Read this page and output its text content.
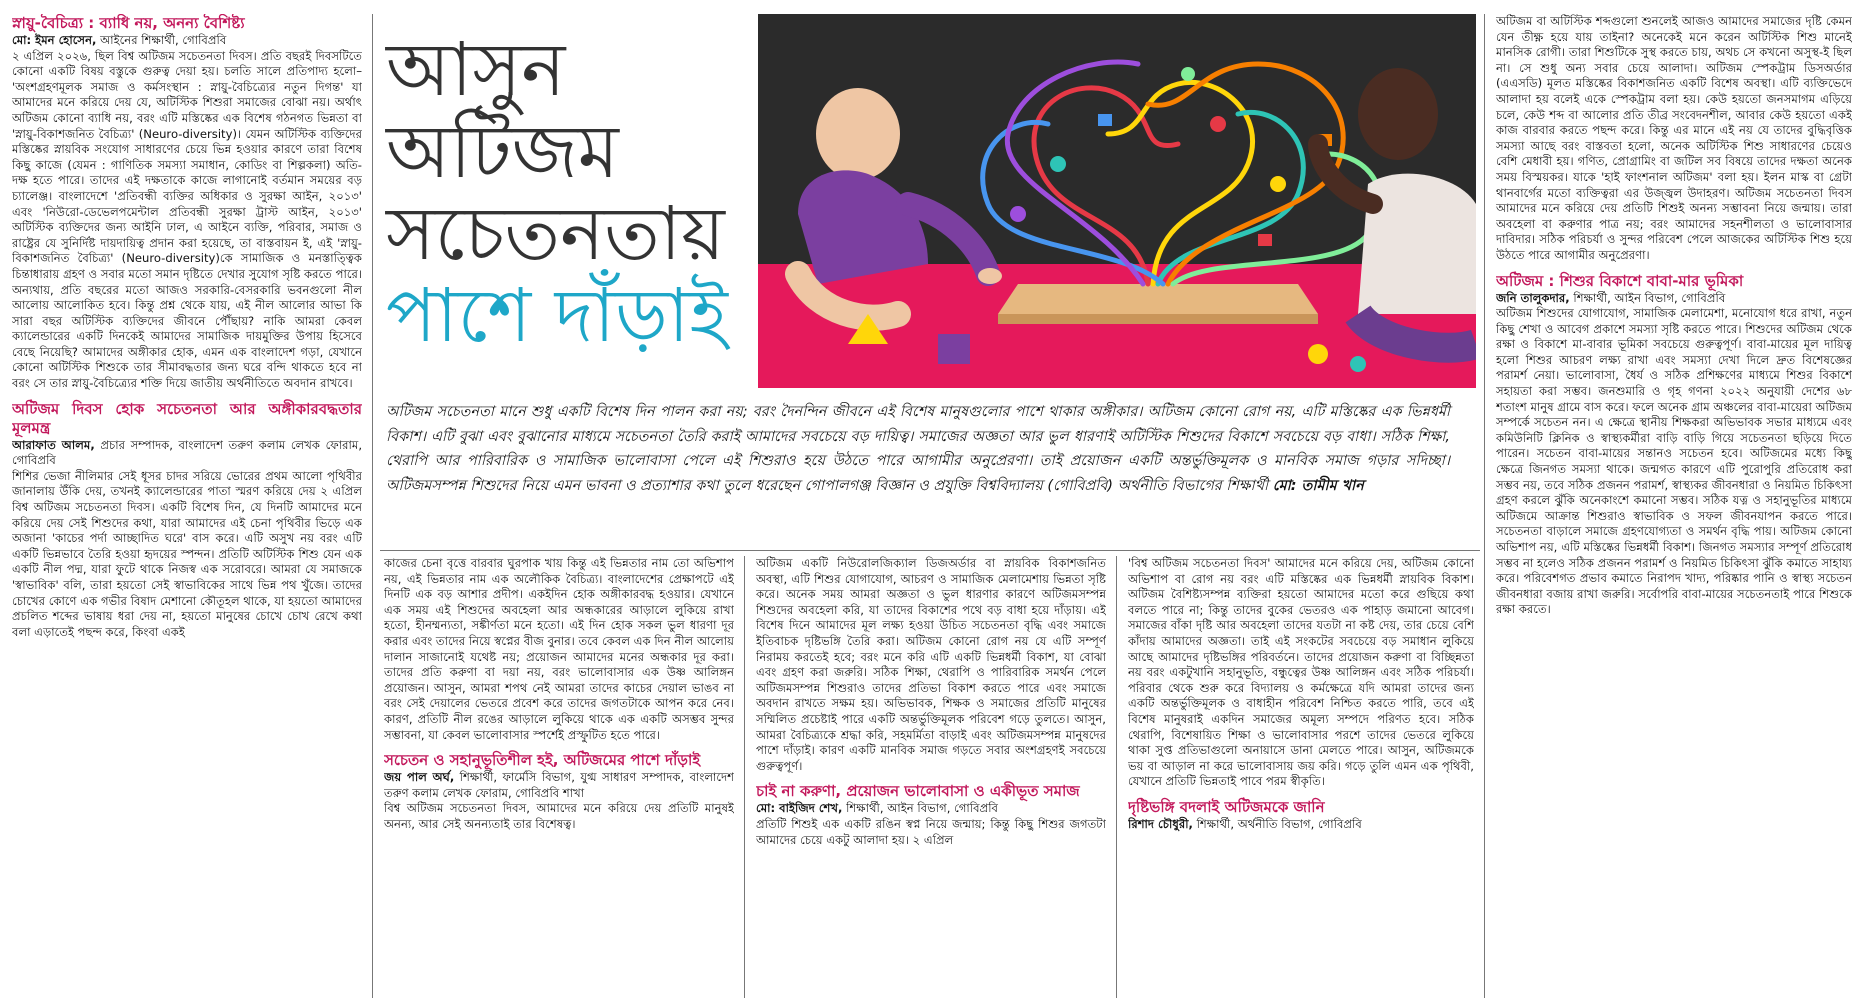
স্নায়ু-বৈচিত্র্য : ব্যাধি নয়, অনন্য বৈশিষ্ট্য

মো: ইমন হোসেন, আইনের শিক্ষার্থী, গোবিপ্রবি

২ এপ্রিল ২০২৬, ছিল বিশ্ব অটিজম সচেতনতা দিবস। প্রতি বছরই দিবসটিতে কোনো একটি বিষয় বস্তুকে গুরুত্ব দেয়া হয়। চলতি সালে প্রতিপাদ্য হলো– 'অংশগ্রহণমূলক সমাজ ও কর্মসংস্থান : স্নায়ু-বৈচিত্র্যের নতুন দিগন্ত' যা আমাদের মনে করিয়ে দেয় যে, অটিস্টিক শিশুরা সমাজের বোঝা নয়। অর্থাৎ অটিজম কোনো ব্যাধি নয়, বরং এটি মস্তিষ্কের এক বিশেষ গঠনগত ভিন্নতা বা 'স্নায়ু-বিকাশজনিত বৈচিত্র্য' (Neuro-diversity)। যেমন অটিস্টিক ব্যক্তিদের মস্তিষ্কের স্নায়বিক সংযোগ সাধারণের চেয়ে ভিন্ন হওয়ার কারণে তারা বিশেষ কিছু কাজে (যেমন : গাণিতিক সমস্যা সমাধান, কোডিং বা শিল্পকলা) অতি-দক্ষ হতে পারে। তাদের এই দক্ষতাকে কাজে লাগানোই বর্তমান সময়ের বড় চ্যালেঞ্জ। বাংলাদেশে 'প্রতিবন্ধী ব্যক্তির অধিকার ও সুরক্ষা আইন, ২০১৩' এবং 'নিউরো-ডেভেলপমেন্টাল প্রতিবন্ধী সুরক্ষা ট্রাস্ট আইন, ২০১৩' অটিস্টিক ব্যক্তিদের জন্য আইনি ঢাল, এ আইনে ব্যক্তি, পরিবার, সমাজ ও রাষ্ট্রের যে সুনির্দিষ্ট দায়দায়িত্ব প্রদান করা হয়েছে, তা বাস্তবায়ন ই, এই 'স্নায়ু-বিকাশজনিত বৈচিত্র্য' (Neuro-diversity)কে সামাজিক ও মনস্তাত্ত্বিক চিন্তাধারায় গ্রহণ ও সবার মতো সমান দৃষ্টিতে দেখার সুযোগ সৃষ্টি করতে পারে। অন্যথায়, প্রতি বছরের মতো আজও সরকারি-বেসরকারি ভবনগুলো নীল আলোয় আলোকিত হবে। কিন্তু প্রশ্ন থেকে যায়, এই নীল আলোর আভা কি সারা বছর অটিস্টিক ব্যক্তিদের জীবনে পৌঁছায়? নাকি আমরা কেবল ক্যালেন্ডারের একটি দিনকেই আমাদের সামাজিক দায়মুক্তির উপায় হিসেবে বেছে নিয়েছি? আমাদের অঙ্গীকার হোক, এমন এক বাংলাদেশ গড়া, যেখানে কোনো অটিস্টিক শিশুকে তার সীমাবদ্ধতার জন্য ঘরে বন্দি থাকতে হবে না বরং সে তার স্নায়ু-বৈচিত্র্যের শক্তি দিয়ে জাতীয় অর্থনীতিতে অবদান রাখবে।

অটিজম দিবস হোক সচেতনতা আর অঙ্গীকারবদ্ধতার মূলমন্ত্র

আরাফাত আলম, প্রচার সম্পাদক, বাংলাদেশ তরুণ কলাম লেখক ফোরাম, গোবিপ্রবি

শিশির ভেজা নীলিমার সেই ধূসর চাদর সরিয়ে ভোরের প্রথম আলো পৃথিবীর জানালায় উঁকি দেয়, তখনই ক্যালেন্ডারের পাতা স্মরণ করিয়ে দেয় ২ এপ্রিল বিশ্ব অটিজম সচেতনতা দিবস। একটি বিশেষ দিন, যে দিনটি আমাদের মনে করিয়ে দেয় সেই শিশুদের কথা, যারা আমাদের এই চেনা পৃথিবীর ভিড়ে এক অজানা 'কাচের পর্দা আচ্ছাদিত ঘরে' বাস করে। এটি অসুখ নয় বরং এটি একটি ভিন্নভাবে তৈরি হওয়া হৃদয়ের স্পন্দন। প্রতিটি অটিস্টিক শিশু যেন এক একটি নীল পদ্ম, যারা ফুটে থাকে নিজস্ব এক সরোবরে। আমরা যে সমাজকে 'স্বাভাবিক' বলি, তারা হয়তো সেই স্বাভাবিকের সাথে ভিন্ন পথ খুঁজে। তাদের চোখের কোণে এক গভীর বিষাদ মেশানো কৌতূহল থাকে, যা হয়তো আমাদের প্রচলিত শব্দের ভাষায় ধরা দেয় না, হয়তো মানুষের চোখে চোখ রেখে কথা বলা এড়াতেই পছন্দ করে, কিংবা একই

আসুন
অটিজম
সচেতনতায়
পাশে দাঁড়াই
অটিজম সচেতনতা মানে শুধু একটি বিশেষ দিন পালন করা নয়; বরং দৈনন্দিন জীবনে এই বিশেষ মানুষগুলোর পাশে থাকার অঙ্গীকার। অটিজম কোনো রোগ নয়, এটি মস্তিষ্কের এক ভিন্নধর্মী বিকাশ। এটি বুঝা এবং বুঝানোর মাধ্যমে সচেতনতা তৈরি করাই আমাদের সবচেয়ে বড় দায়িত্ব। সমাজের অজ্ঞতা আর ভুল ধারণাই অটিস্টিক শিশুদের বিকাশে সবচেয়ে বড় বাধা। সঠিক শিক্ষা, থেরাপি আর পারিবারিক ও সামাজিক ভালোবাসা পেলে এই শিশুরাও হয়ে উঠতে পারে আগামীর অনুপ্রেরণা। তাই প্রয়োজন একটি অন্তর্ভুক্তিমূলক ও মানবিক সমাজ গড়ার সদিচ্ছা। অটিজমসম্পন্ন শিশুদের নিয়ে এমন ভাবনা ও প্রত্যাশার কথা তুলে ধরেছেন গোপালগঞ্জ বিজ্ঞান ও প্রযুক্তি বিশ্ববিদ্যালয় (গোবিপ্রবি) অর্থনীতি বিভাগের শিক্ষার্থী মো: তামীম খান

কাজের চেনা বৃত্তে বারবার ঘুরপাক খায় কিন্তু এই ভিন্নতার নাম তো অভিশাপ নয়, এই ভিন্নতার নাম এক অলৌকিক বৈচিত্র্য। বাংলাদেশের প্রেক্ষাপটে এই দিনটি এক বড় আশার প্রদীপ। একইদিন হোক অঙ্গীকারবদ্ধ হওয়ার। যেখানে এক সময় এই শিশুদের অবহেলা আর অন্ধকারের আড়ালে লুকিয়ে রাখা হতো, হীনম্মন্যতা, সঙ্কীর্ণতা মনে হতো। এই দিন হোক সকল ভুল ধারণা দূর করার এবং তাদের নিয়ে স্বপ্নের বীজ বুনার। তবে কেবল এক দিন নীল আলোয় দালান সাজানোই যথেষ্ট নয়; প্রয়োজন আমাদের মনের অন্ধকার দূর করা। তাদের প্রতি করুণা বা দয়া নয়, বরং ভালোবাসার এক উষ্ণ আলিঙ্গন প্রয়োজন। আসুন, আমরা শপথ নেই আমরা তাদের কাচের দেয়াল ভাঙব না বরং সেই দেয়ালের ভেতরে প্রবেশ করে তাদের জগতটাকে আপন করে নেব। কারণ, প্রতিটি নীল রঙের আড়ালে লুকিয়ে থাকে এক একটি অসম্ভব সুন্দর সম্ভাবনা, যা কেবল ভালোবাসার স্পর্শেই প্রস্ফুটিত হতে পারে।

সচেতন ও সহানুভূতিশীল হই, অটিজমের পাশে দাঁড়াই

জয় পাল অর্ঘ, শিক্ষার্থী, ফার্মেসি বিভাগ, যুগ্ম সাধারণ সম্পাদক, বাংলাদেশ তরুণ কলাম লেখক ফোরাম, গোবিপ্রবি শাখা

বিশ্ব অটিজম সচেতনতা দিবস, আমাদের মনে করিয়ে দেয় প্রতিটি মানুষই অনন্য, আর সেই অনন্যতাই তার বিশেষত্ব।

অটিজম একটি নিউরোলজিক্যাল ডিজঅর্ডার বা স্নায়বিক বিকাশজনিত অবস্থা, এটি শিশুর যোগাযোগ, আচরণ ও সামাজিক মেলামেশায় ভিন্নতা সৃষ্টি করে। অনেক সময় আমরা অজ্ঞতা ও ভুল ধারণার কারণে অটিজমসম্পন্ন শিশুদের অবহেলা করি, যা তাদের বিকাশের পথে বড় বাধা হয়ে দাঁড়ায়। এই বিশেষ দিনে আমাদের মূল লক্ষ্য হওয়া উচিত সচেতনতা বৃদ্ধি এবং সমাজে ইতিবাচক দৃষ্টিভঙ্গি তৈরি করা। অটিজম কোনো রোগ নয় যে এটি সম্পূর্ণ নিরাময় করতেই হবে; বরং মনে করি এটি একটি ভিন্নধর্মী বিকাশ, যা বোঝা এবং গ্রহণ করা জরুরি। সঠিক শিক্ষা, থেরাপি ও পারিবারিক সমর্থন পেলে অটিজমসম্পন্ন শিশুরাও তাদের প্রতিভা বিকাশ করতে পারে এবং সমাজে অবদান রাখতে সক্ষম হয়। অভিভাবক, শিক্ষক ও সমাজের প্রতিটি মানুষের সম্মিলিত প্রচেষ্টাই পারে একটি অন্তর্ভুক্তিমূলক পরিবেশ গড়ে তুলতে। আসুন, আমরা বৈচিত্র্যকে শ্রদ্ধা করি, সহমর্মিতা বাড়াই এবং অটিজমসম্পন্ন মানুষদের পাশে দাঁড়াই। কারণ একটি মানবিক সমাজ গড়তে সবার অংশগ্রহণই সবচেয়ে গুরুত্বপূর্ণ।

চাই না করুণা, প্রয়োজন ভালোবাসা ও একীভূত সমাজ

মো: বাইজিদ শেখ, শিক্ষার্থী, আইন বিভাগ, গোবিপ্রবি

প্রতিটি শিশুই এক একটি রঙিন স্বপ্ন নিয়ে জন্মায়; কিন্তু কিছু শিশুর জগতটা আমাদের চেয়ে একটু আলাদা হয়। ২ এপ্রিল

'বিশ্ব অটিজম সচেতনতা দিবস' আমাদের মনে করিয়ে দেয়, অটিজম কোনো অভিশাপ বা রোগ নয় বরং এটি মস্তিষ্কের এক ভিন্নধর্মী স্নায়বিক বিকাশ। অটিজম বৈশিষ্ট্যসম্পন্ন ব্যক্তিরা হয়তো আমাদের মতো করে গুছিয়ে কথা বলতে পারে না; কিন্তু তাদের বুকের ভেতরও এক পাহাড় জমানো আবেগ। সমাজের বাঁকা দৃষ্টি আর অবহেলা তাদের যতটা না কষ্ট দেয়, তার চেয়ে বেশি কাঁদায় আমাদের অজ্ঞতা। তাই এই সংকটের সবচেয়ে বড় সমাধান লুকিয়ে আছে আমাদের দৃষ্টিভঙ্গির পরিবর্তনে। তাদের প্রয়োজন করুণা বা বিচ্ছিন্নতা নয় বরং একটুখানি সহানুভূতি, বন্ধুত্বের উষ্ণ আলিঙ্গন এবং সঠিক পরিচর্যা। পরিবার থেকে শুরু করে বিদ্যালয় ও কর্মক্ষেত্রে যদি আমরা তাদের জন্য একটি অন্তর্ভুক্তিমূলক ও বাধাহীন পরিবেশ নিশ্চিত করতে পারি, তবে এই বিশেষ মানুষরাই একদিন সমাজের অমূল্য সম্পদে পরিণত হবে। সঠিক থেরাপি, বিশেষায়িত শিক্ষা ও ভালোবাসার পরশে তাদের ভেতরে লুকিয়ে থাকা সুপ্ত প্রতিভাগুলো অনায়াসে ডানা মেলতে পারে। আসুন, অটিজমকে ভয় বা আড়াল না করে ভালোবাসায় জয় করি। গড়ে তুলি এমন এক পৃথিবী, যেখানে প্রতিটি ভিন্নতাই পাবে পরম স্বীকৃতি।

দৃষ্টিভঙ্গি বদলাই অটিজমকে জানি

রিশাদ চৌধুরী, শিক্ষার্থী, অর্থনীতি বিভাগ, গোবিপ্রবি

অটিজম বা অটিস্টিক শব্দগুলো শুনলেই আজও আমাদের সমাজের দৃষ্টি কেমন যেন তীক্ষ্ণ হয়ে যায় তাইনা? অনেকেই মনে করেন অটিস্টিক শিশু মানেই মানসিক রোগী। তারা শিশুটিকে সুস্থ করতে চায়, অথচ সে কখনো অসুস্থ-ই ছিল না। সে শুধু অন্য সবার চেয়ে আলাদা। অটিজম স্পেকট্রাম ডিসঅর্ডার (এএসডি) মূলত মস্তিষ্কের বিকাশজনিত একটি বিশেষ অবস্থা। এটি ব্যক্তিভেদে আলাদা হয় বলেই একে স্পেকট্রাম বলা হয়। কেউ হয়তো জনসমাগম এড়িয়ে চলে, কেউ শব্দ বা আলোর প্রতি তীব্র সংবেদনশীল, আবার কেউ হয়তো একই কাজ বারবার করতে পছন্দ করে। কিন্তু এর মানে এই নয় যে তাদের বুদ্ধিবৃত্তিক সমস্যা আছে বরং বাস্তবতা হলো, অনেক অটিস্টিক শিশু সাধারণের চেয়েও বেশি মেধাবী হয়। গণিত, প্রোগ্রামিং বা জটিল সব বিষয়ে তাদের দক্ষতা অনেক সময় বিস্ময়কর। যাকে 'হাই ফাংশনাল অটিজম' বলা হয়। ইলন মাস্ক বা গ্রেটা থানবার্গের মতো ব্যক্তিত্বরা এর উজ্জ্বল উদাহরণ। অটিজম সচেতনতা দিবস আমাদের মনে করিয়ে দেয় প্রতিটি শিশুই অনন্য সম্ভাবনা নিয়ে জন্মায়। তারা অবহেলা বা করুণার পাত্র নয়; বরং আমাদের সহনশীলতা ও ভালোবাসার দাবিদার। সঠিক পরিচর্যা ও সুন্দর পরিবেশ পেলে আজকের অটিস্টিক শিশু হয়ে উঠতে পারে আগামীর অনুপ্রেরণা।

অটিজম : শিশুর বিকাশে বাবা-মার ভূমিকা

জনি তালুকদার, শিক্ষার্থী, আইন বিভাগ, গোবিপ্রবি

অটিজম শিশুদের যোগাযোগ, সামাজিক মেলামেশা, মনোযোগ ধরে রাখা, নতুন কিছু শেখা ও আবেগ প্রকাশে সমস্যা সৃষ্টি করতে পারে। শিশুদের অটিজম থেকে রক্ষা ও বিকাশে মা-বাবার ভূমিকা সবচেয়ে গুরুত্বপূর্ণ। বাবা-মায়ের মূল দায়িত্ব হলো শিশুর আচরণ লক্ষ্য রাখা এবং সমস্যা দেখা দিলে দ্রুত বিশেষজ্ঞের পরামর্শ নেয়া। ভালোবাসা, ধৈর্য ও সঠিক প্রশিক্ষণের মাধ্যমে শিশুর বিকাশে সহায়তা করা সম্ভব। জনশুমারি ও গৃহ গণনা ২০২২ অনুযায়ী দেশের ৬৮ শতাংশ মানুষ গ্রামে বাস করে। ফলে অনেক গ্রাম অঞ্চলের বাবা-মায়েরা অটিজম সম্পর্কে সচেতন নন। এ ক্ষেত্রে স্থানীয় শিক্ষকরা অভিভাবক সভার মাধ্যমে এবং কমিউনিটি ক্লিনিক ও স্বাস্থ্যকর্মীরা বাড়ি বাড়ি গিয়ে সচেতনতা ছড়িয়ে দিতে পারেন। সচেতন বাবা-মায়ের সন্তানও সচেতন হবে। অটিজমের মধ্যে কিছু ক্ষেত্রে জিনগত সমস্যা থাকে। জন্মগত কারণে এটি পুরোপুরি প্রতিরোধ করা সম্ভব নয়, তবে সঠিক প্রজনন পরামর্শ, স্বাস্থ্যকর জীবনধারা ও নিয়মিত চিকিৎসা গ্রহণ করলে ঝুঁকি অনেকাংশে কমানো সম্ভব। সঠিক যত্ন ও সহানুভূতির মাধ্যমে অটিজমে আক্রান্ত শিশুরাও স্বাভাবিক ও সফল জীবনযাপন করতে পারে। সচেতনতা বাড়ালে সমাজে গ্রহণযোগ্যতা ও সমর্থন বৃদ্ধি পায়। অটিজম কোনো অভিশাপ নয়, এটি মস্তিষ্কের ভিন্নধর্মী বিকাশ। জিনগত সমস্যার সম্পূর্ণ প্রতিরোধ সম্ভব না হলেও সঠিক প্রজনন পরামর্শ ও নিয়মিত চিকিৎসা ঝুঁকি কমাতে সাহায্য করে। পরিবেশগত প্রভাব কমাতে নিরাপদ খাদ্য, পরিষ্কার পানি ও স্বাস্থ্য সচেতন জীবনধারা বজায় রাখা জরুরি। সর্বোপরি বাবা-মায়ের সচেতনতাই পারে শিশুকে রক্ষা করতে।
